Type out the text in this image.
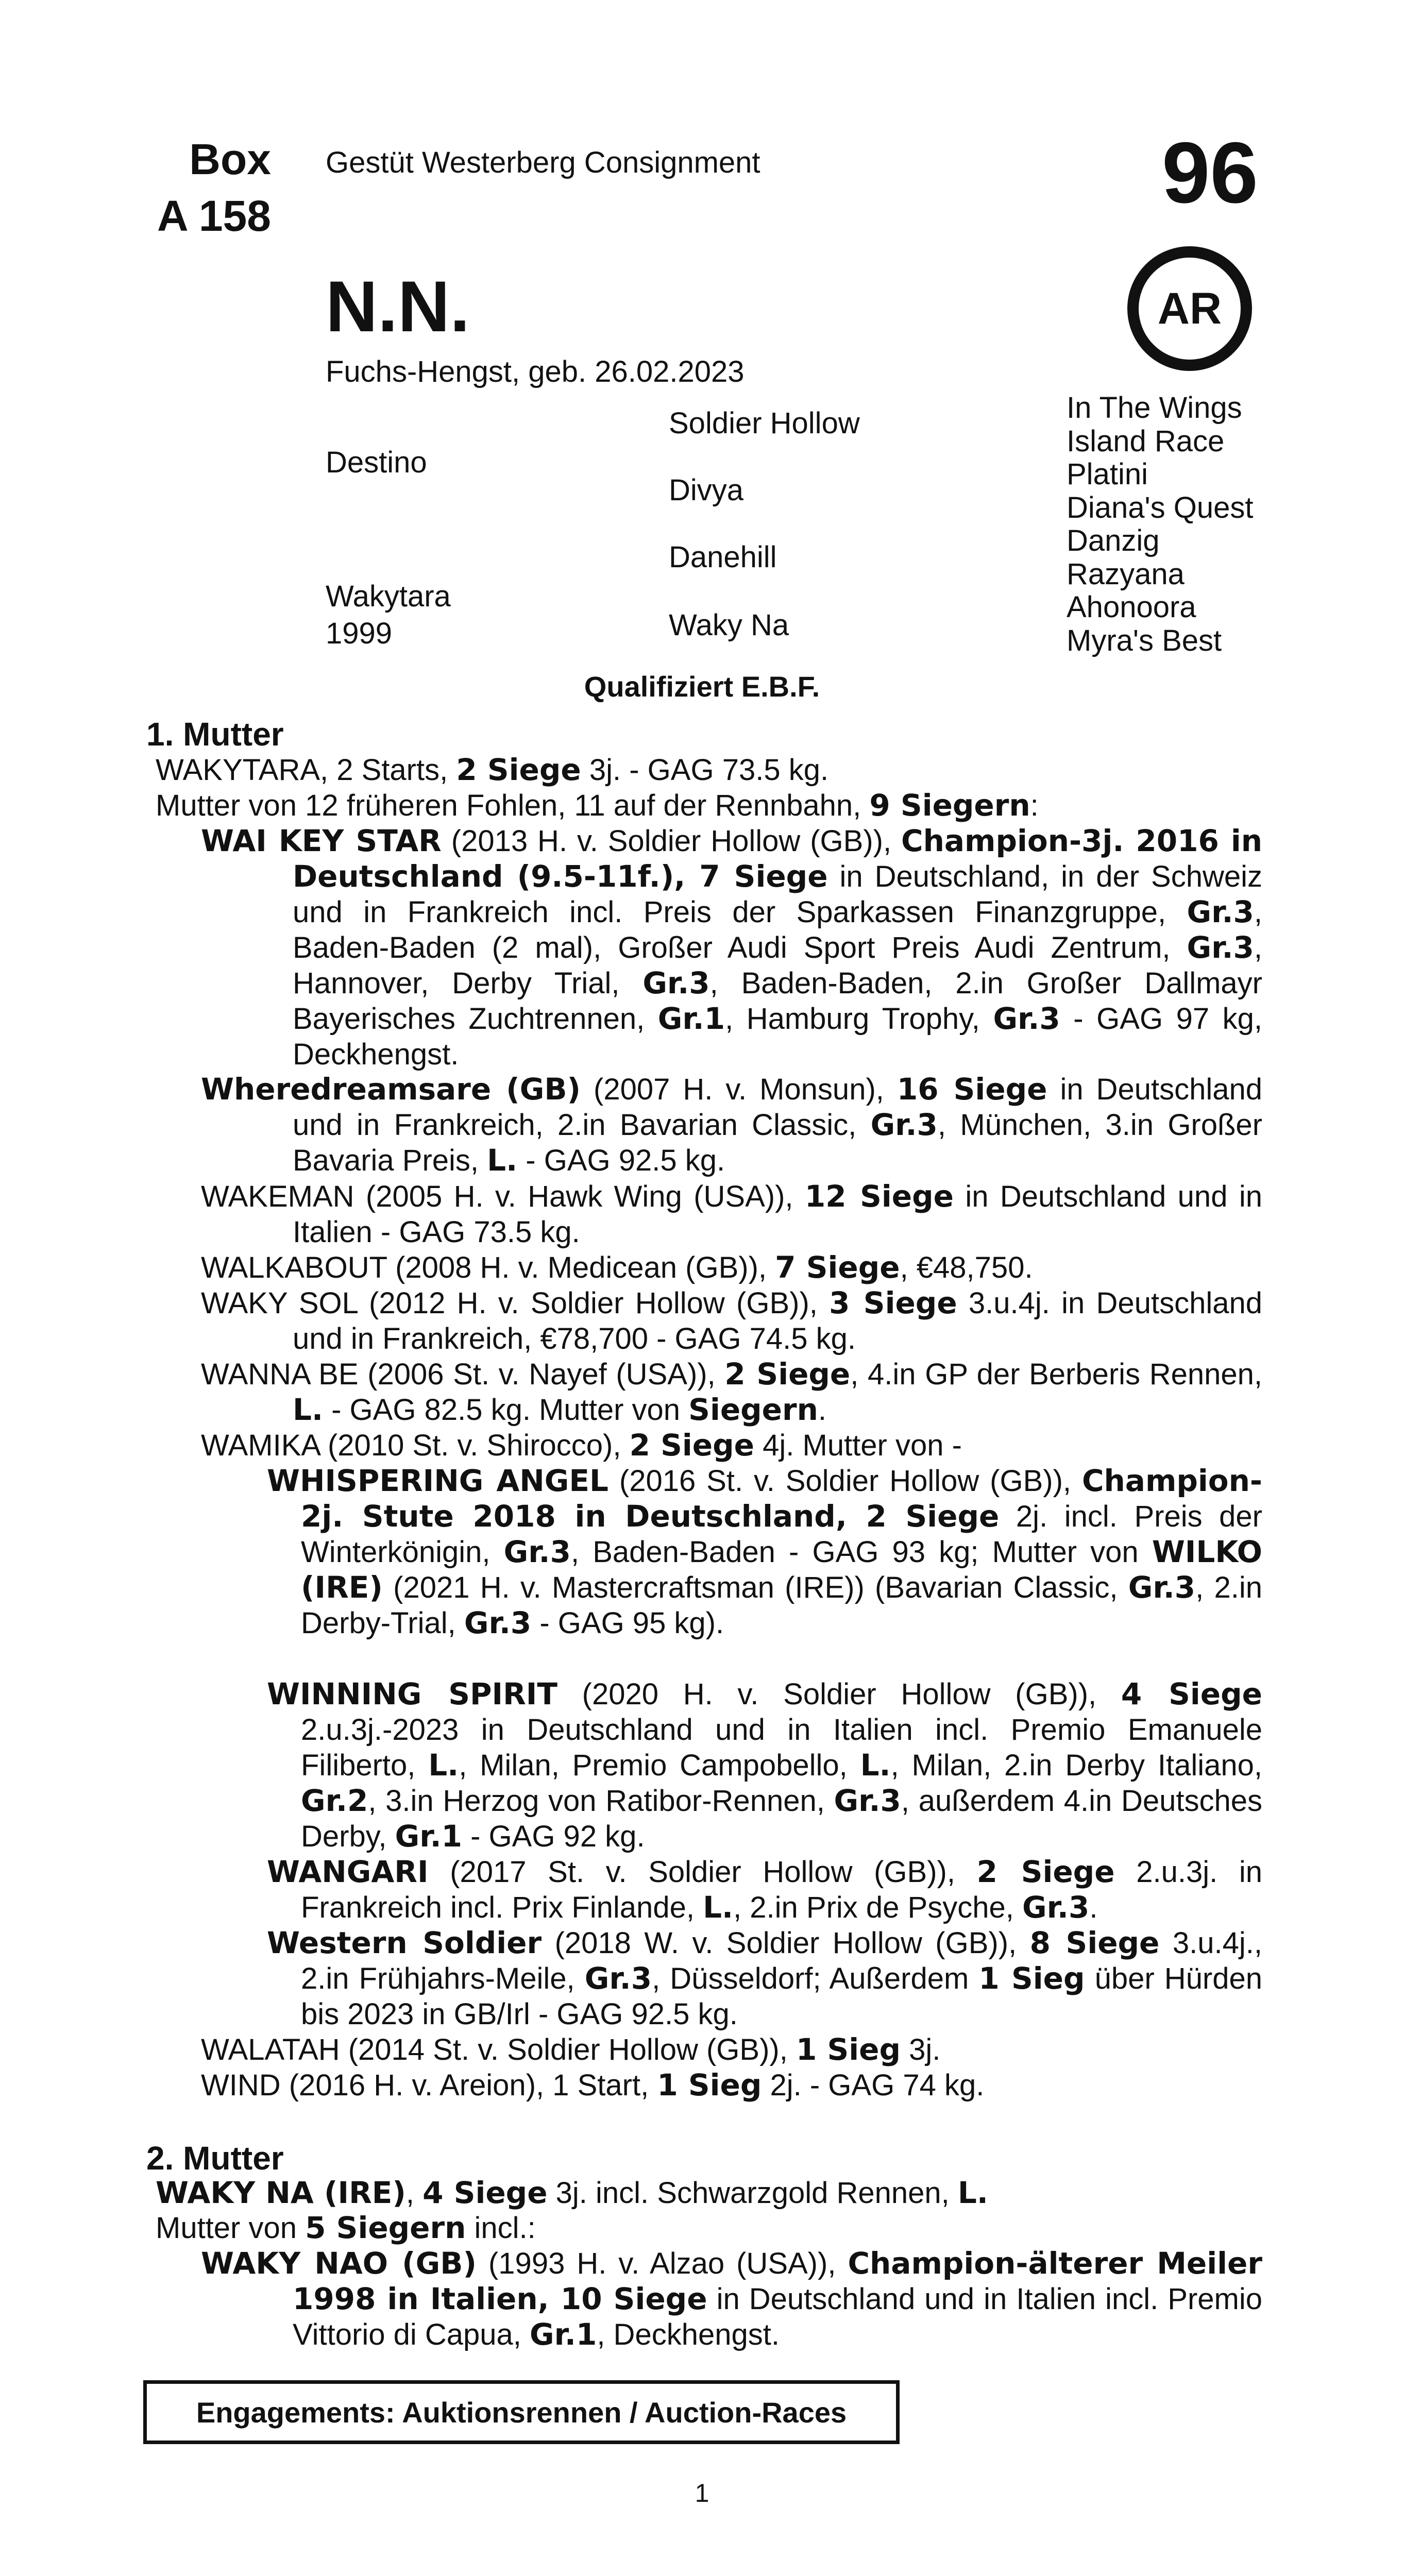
Box
A 158
Gestüt Westerberg Consignment	96
AR
N.N.
Fuchs-Hengst, geb. 26.02.2023
Soldier Hollow
Destino
Divya
Danehill
Wakytara
1999	Waky Na
In The Wings
Island Race
Platini
Diana's Quest
Danzig
Razyana
Ahonoora
Myra's Best
Qualifiziert E.B.F.
1. Mutter
WAKYTARA, 2 Starts, 2 Siege 3j. - GAG 73.5 kg.
Mutter von 12 früheren Fohlen, 11 auf der Rennbahn, 9 Siegern:
WAI KEY STAR (2013 H. v. Soldier Hollow (GB)), Champion-3j. 2016 in Deutschland (9.5-11f.), 7 Siege in Deutschland, in der Schweiz und in Frankreich incl. Preis der Sparkassen Finanzgruppe, Gr.3, Baden-Baden (2 mal), Großer Audi Sport Preis Audi Zentrum, Gr.3, Hannover, Derby Trial, Gr.3, Baden-Baden, 2.in Großer Dallmayr Bayerisches Zuchtrennen, Gr.1, Hamburg Trophy, Gr.3 - GAG 97 kg, Deckhengst.
Wheredreamsare (GB) (2007 H. v. Monsun), 16 Siege in Deutschland und in Frankreich, 2.in Bavarian Classic, Gr.3, München, 3.in Großer Bavaria Preis, L. - GAG 92.5 kg.
WAKEMAN (2005 H. v. Hawk Wing (USA)), 12 Siege in Deutschland und in Italien - GAG 73.5 kg.
WALKABOUT (2008 H. v. Medicean (GB)), 7 Siege, €48,750.
WAKY SOL (2012 H. v. Soldier Hollow (GB)), 3 Siege 3.u.4j. in Deutschland und in Frankreich, €78,700 - GAG 74.5 kg.
WANNA BE (2006 St. v. Nayef (USA)), 2 Siege, 4.in GP der Berberis Rennen, L. - GAG 82.5 kg. Mutter von Siegern.
WAMIKA (2010 St. v. Shirocco), 2 Siege 4j. Mutter von -
WHISPERING ANGEL (2016 St. v. Soldier Hollow (GB)), Champion-2j. Stute 2018 in Deutschland, 2 Siege 2j. incl. Preis der Winterkönigin, Gr.3, Baden-Baden - GAG 93 kg; Mutter von WILKO (IRE) (2021 H. v. Mastercraftsman (IRE)) (Bavarian Classic, Gr.3, 2.in Derby-Trial, Gr.3 - GAG 95 kg).
WINNING SPIRIT (2020 H. v. Soldier Hollow (GB)), 4 Siege 2.u.3j.-2023 in Deutschland und in Italien incl. Premio Emanuele Filiberto, L., Milan, Premio Campobello, L., Milan, 2.in Derby Italiano, Gr.2, 3.in Herzog von Ratibor-Rennen, Gr.3, außerdem 4.in Deutsches Derby, Gr.1 - GAG 92 kg.
WANGARI (2017 St. v. Soldier Hollow (GB)), 2 Siege 2.u.3j. in Frankreich incl. Prix Finlande, L., 2.in Prix de Psyche, Gr.3.
Western Soldier (2018 W. v. Soldier Hollow (GB)), 8 Siege 3.u.4j., 2.in Frühjahrs-Meile, Gr.3, Düsseldorf; Außerdem 1 Sieg über Hürden bis 2023 in GB/Irl - GAG 92.5 kg.
WALATAH (2014 St. v. Soldier Hollow (GB)), 1 Sieg 3j.
WIND (2016 H. v. Areion), 1 Start, 1 Sieg 2j. - GAG 74 kg.
WAKY NAO (GB) (1993 H. v. Alzao (USA)), Champion-älterer Meiler 1998 in Italien, 10 Siege in Deutschland und in Italien incl. Premio Vittorio di Capua, Gr.1, Deckhengst.
2. Mutter
WAKY NA (IRE), 4 Siege 3j. incl. Schwarzgold Rennen, L.
Mutter von 5 Siegern incl.:
Engagements: Auktionsrennen / Auction-Races
1
